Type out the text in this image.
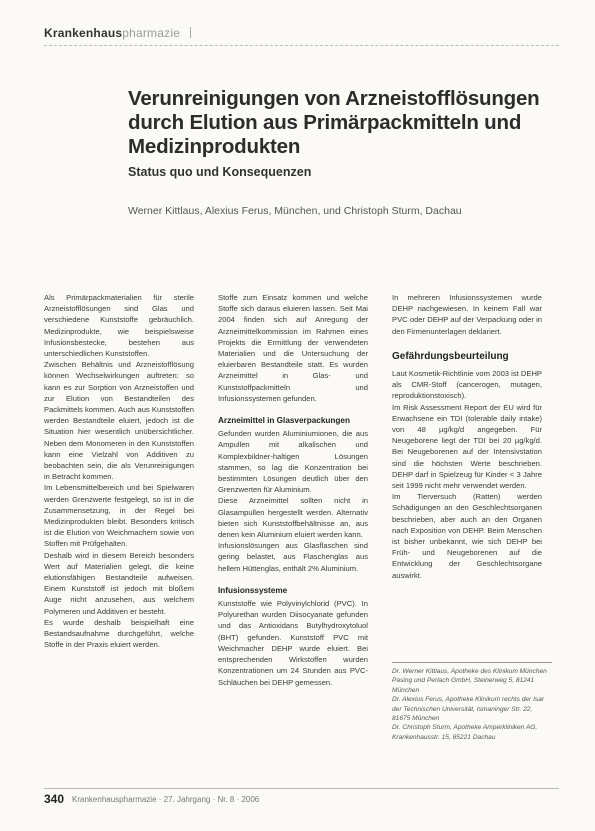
Krankenhauspharmazie
Verunreinigungen von Arzneistofflösungen durch Elution aus Primärpackmitteln und Medizinprodukten
Status quo und Konsequenzen
Werner Kittlaus, Alexius Ferus, München, und Christoph Sturm, Dachau

Als Primärpackmaterialien für sterile Arzneistofflösungen sind Glas und verschiedene Kunststoffe gebräuchlich. Medizinprodukte, wie beispielsweise Infusionsbestecke, bestehen aus unterschiedlichen Kunststoffen.

Zwischen Behältnis und Arzneistofflösung können Wechselwirkungen auftreten: so kann es zur Sorption von Arzneistoffen und zur Elution von Bestandteilen des Packmittels kommen. Auch aus Kunststoffen werden Bestandteile eluiert, jedoch ist die Situation hier wesentlich unübersichtlicher. Neben dem Monomeren in den Kunststoffen kann eine Vielzahl von Additiven zu beobachten sein, die als Verunreinigungen in Betracht kommen.

Im Lebensmittelbereich und bei Spielwaren werden Grenzwerte festgelegt, so ist in die Zusammensetzung, in der Regel bei Medizinprodukten bleibt. Besonders kritisch ist die Elution von Weichmachern sowie von Stoffen mit Prüfgehalten.

Deshalb wird in diesem Bereich besonders Wert auf Materialien gelegt, die keine elutionsfähigen Bestandteile aufweisen. Einem Kunststoff ist jedoch mit bloßem Auge nicht anzusehen, aus welchem Polymeren und Additiven er besteht.

Es wurde deshalb beispielhaft eine Bestandsaufnahme durchgeführt, welche Stoffe in der Praxis eluiert werden.

Stoffe zum Einsatz kommen und welche Stoffe sich daraus eluieren lassen. Seit Mai 2004 finden sich auf Anregung der Arzneimittelkommission im Rahmen eines Projekts die Ermittlung der verwendeten Materialien und die Untersuchung der eluierbaren Bestandteile statt. Es wurden Arzneimittel in Glas- und Kunststoffpackmitteln und Infusionssystemen gefunden.

Arzneimittel in Glasverpackungen

Gefunden wurden Aluminiumionen, die aus Ampullen mit alkalischen und Komplexbildner-haltigen Lösungen stammen, so lag die Konzentration bei bestimmten Lösungen deutlich über den Grenzwerten für Aluminium.

Diese Arzneimittel sollten nicht in Glasampullen hergestellt werden. Alternativ bieten sich Kunststoffbehältnisse an, aus denen kein Aluminium eluiert werden kann.

Infusionslösungen aus Glasflaschen sind gering belastet, aus Flaschenglas aus hellem Hüttenglas, enthält 2% Aluminium.

Infusionssysteme

Kunststoffe wie Polyvinylchlorid (PVC). In Polyurethan wurden Diisocyanate gefunden und das Antioxidans Butylhydroxytoluol (BHT) gefunden. Kunststoff PVC mit Weichmacher DEHP wurde eluiert. Bei entsprechenden Wirkstoffen wurden Konzentrationen um 24 Stunden aus PVC-Schläuchen bei DEHP gemessen.

In mehreren Infusionssystemen wurde DEHP nachgewiesen. In keinem Fall war PVC oder DEHP auf der Verpackung oder in den Firmenunterlagen deklariert.

Gefährdungsbeurteilung

Laut Kosmetik-Richtlinie vom 2003 ist DEHP als CMR-Stoff (cancerogen, mutagen, reproduktionstoxisch).

Im Risk Assessment Report der EU wird für Erwachsene ein TDI (tolerable daily intake) von 48 µg/kg/d angegeben. Für Neugeborene liegt der TDI bei 20 µg/kg/d. Bei Neugeborenen auf der Intensivstation sind die höchsten Werte beschrieben. DEHP darf in Spielzeug für Kinder < 3 Jahre seit 1999 nicht mehr verwendet werden.

Im Tierversuch (Ratten) werden Schädigungen an den Geschlechtsorganen beschrieben, aber auch an den Organen nach Exposition von DEHP. Beim Menschen ist bisher unbekannt, wie sich DEHP bei Früh- und Neugeborenen auf die Entwicklung der Geschlechtsorgane auswirkt.

Dr. Werner Kittlaus, Apotheke des Klinikum München Pasing und Perlach GmbH, Steinerweg 5, 81241 München
Dr. Alexius Ferus, Apotheke Klinikum rechts der Isar der Technischen Universität, Ismaninger Str. 22, 81675 München
Dr. Christoph Sturm, Apotheke Amperkliniken AG, Krankenhausstr. 15, 85221 Dachau
340 Krankenhauspharmazie · 27. Jahrgang · Nr. 8 · 2006
